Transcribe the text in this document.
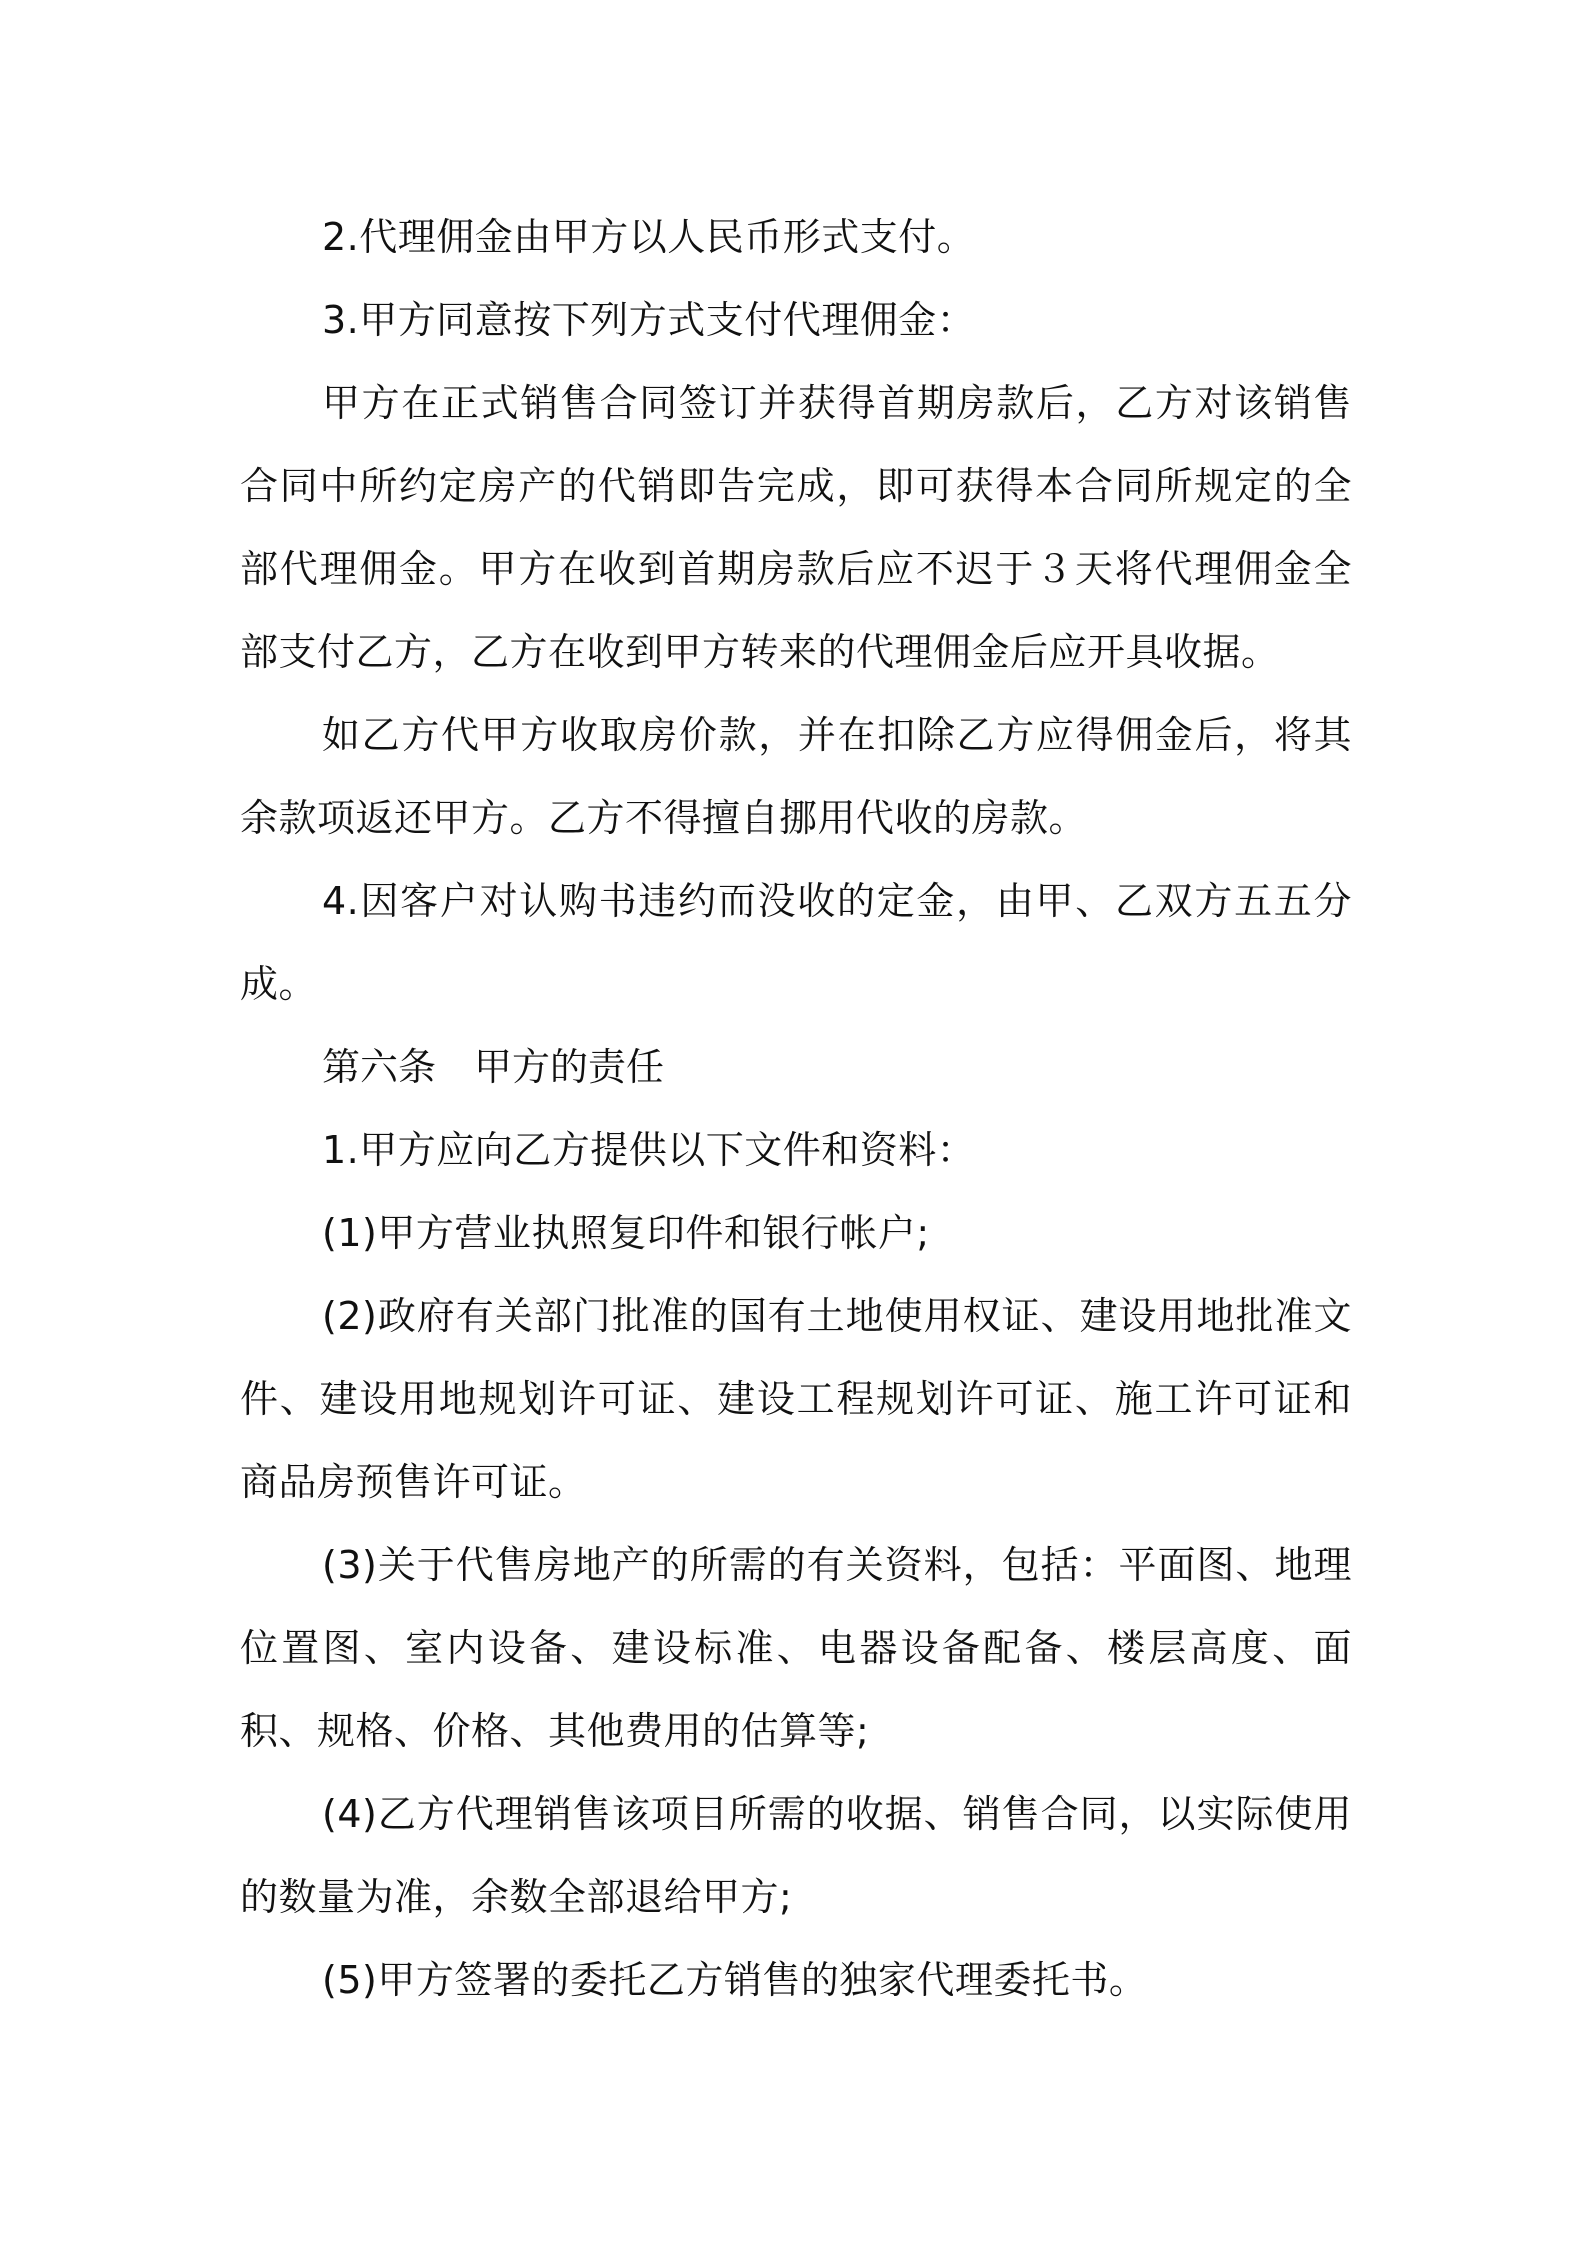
2.代理佣金由甲方以人民币形式支付。

3.甲方同意按下列方式支付代理佣金：

甲方在正式销售合同签订并获得首期房款后，乙方对该销售合同中所约定房产的代销即告完成，即可获得本合同所规定的全部代理佣金。甲方在收到首期房款后应不迟于３天将代理佣金全部支付乙方，乙方在收到甲方转来的代理佣金后应开具收据。

如乙方代甲方收取房价款，并在扣除乙方应得佣金后，将其余款项返还甲方。乙方不得擅自挪用代收的房款。

4.因客户对认购书违约而没收的定金，由甲、乙双方五五分成。

第六条　甲方的责任

1.甲方应向乙方提供以下文件和资料：

(1)甲方营业执照复印件和银行帐户;

(2)政府有关部门批准的国有土地使用权证、建设用地批准文件、建设用地规划许可证、建设工程规划许可证、施工许可证和商品房预售许可证。

(3)关于代售房地产的所需的有关资料，包括：平面图、地理位置图、室内设备、建设标准、电器设备配备、楼层高度、面积、规格、价格、其他费用的估算等;

(4)乙方代理销售该项目所需的收据、销售合同，以实际使用的数量为准，余数全部退给甲方;

(5)甲方签署的委托乙方销售的独家代理委托书。
